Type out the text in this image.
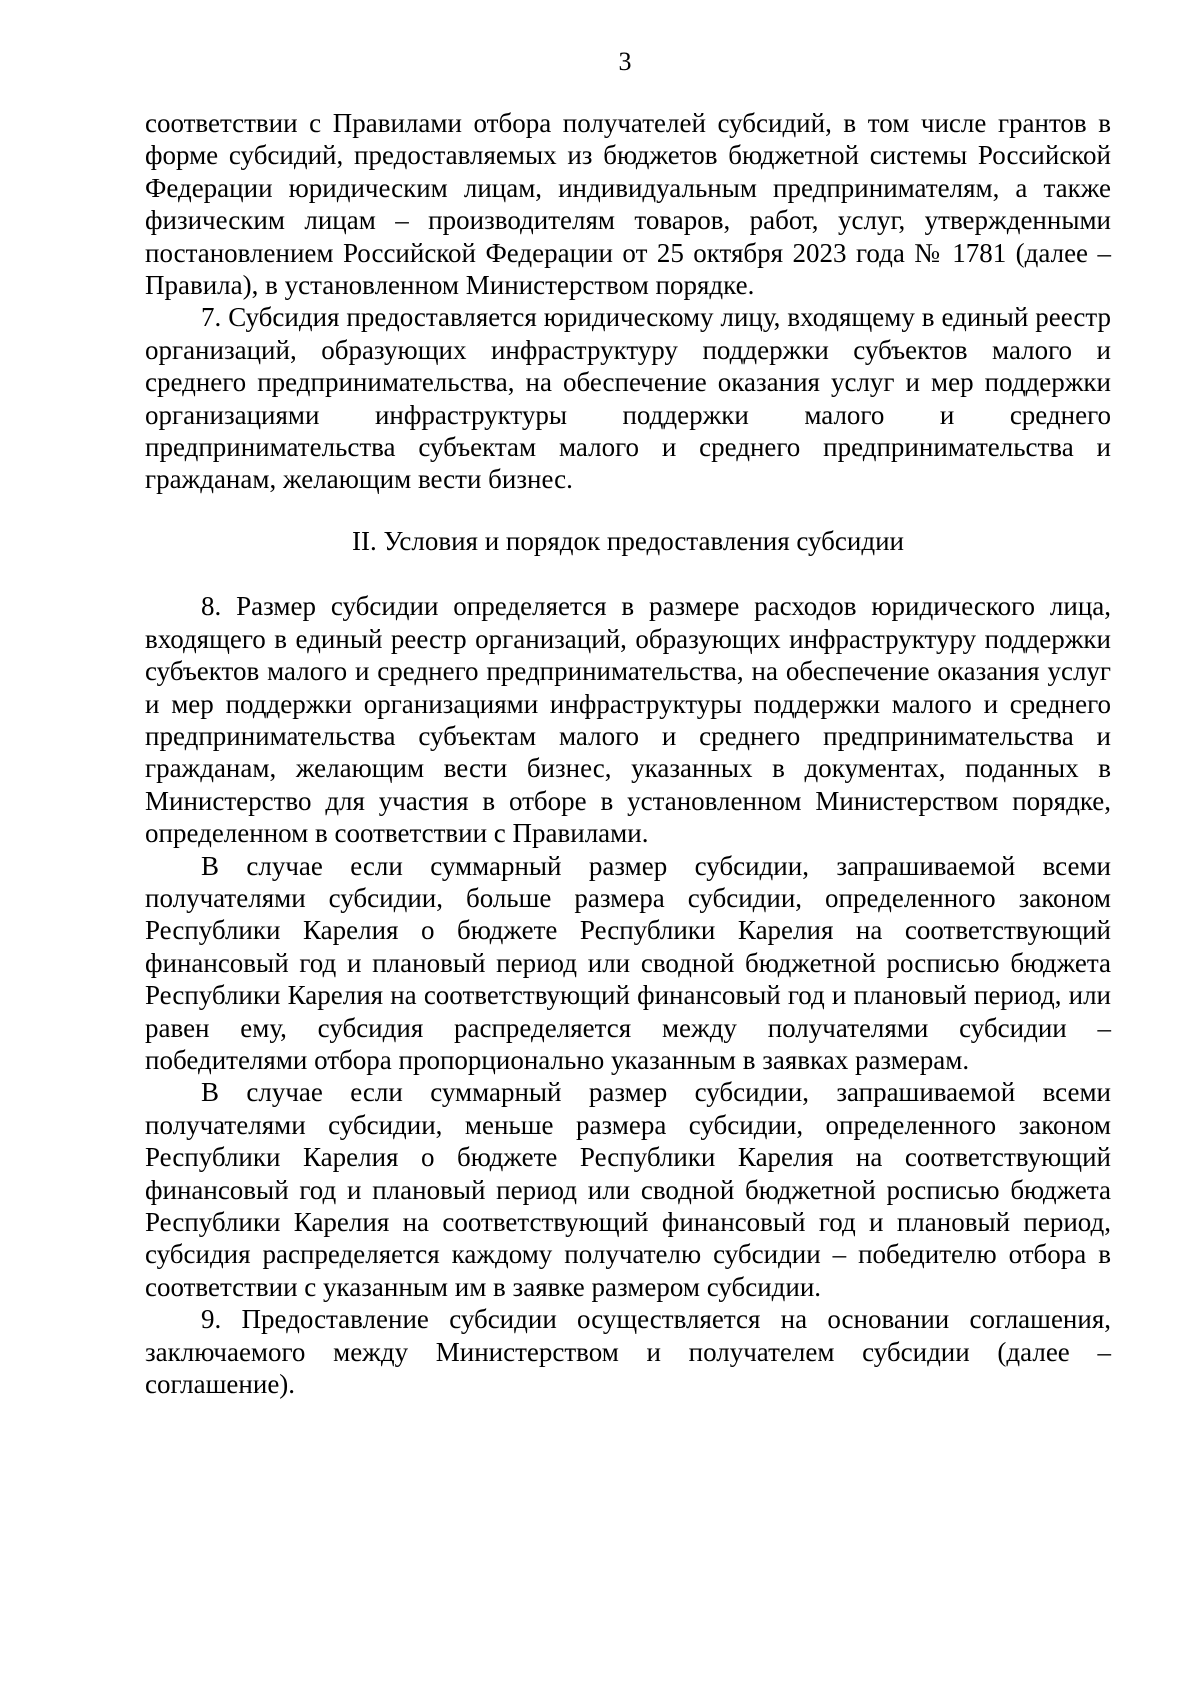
3

соответствии с Правилами отбора получателей субсидий, в том числе грантов в форме субсидий, предоставляемых из бюджетов бюджетной системы Российской Федерации юридическим лицам, индивидуальным предпринимателям, а также физическим лицам – производителям товаров, работ, услуг, утвержденными постановлением Российской Федерации от 25 октября 2023 года № 1781 (далее – Правила), в установленном Министерством порядке.

7. Субсидия предоставляется юридическому лицу, входящему в единый реестр организаций, образующих инфраструктуру поддержки субъектов малого и среднего предпринимательства, на обеспечение оказания услуг и мер поддержки организациями инфраструктуры поддержки малого и среднего предпринимательства субъектам малого и среднего предпринимательства и гражданам, желающим вести бизнес.

II. Условия и порядок предоставления субсидии

8. Размер субсидии определяется в размере расходов юридического лица, входящего в единый реестр организаций, образующих инфраструктуру поддержки субъектов малого и среднего предпринимательства, на обеспечение оказания услуг и мер поддержки организациями инфраструктуры поддержки малого и среднего предпринимательства субъектам малого и среднего предпринимательства и гражданам, желающим вести бизнес, указанных в документах, поданных в Министерство для участия в отборе в установленном Министерством порядке, определенном в соответствии с Правилами.

В случае если суммарный размер субсидии, запрашиваемой всеми получателями субсидии, больше размера субсидии, определенного законом Республики Карелия о бюджете Республики Карелия на соответствующий финансовый год и плановый период или сводной бюджетной росписью бюджета Республики Карелия на соответствующий финансовый год и плановый период, или равен ему, субсидия распределяется между получателями субсидии – победителями отбора пропорционально указанным в заявках размерам.

В случае если суммарный размер субсидии, запрашиваемой всеми получателями субсидии, меньше размера субсидии, определенного законом Республики Карелия о бюджете Республики Карелия на соответствующий финансовый год и плановый период или сводной бюджетной росписью бюджета Республики Карелия на соответствующий финансовый год и плановый период, субсидия распределяется каждому получателю субсидии – победителю отбора в соответствии с указанным им в заявке размером субсидии.

9. Предоставление субсидии осуществляется на основании соглашения, заключаемого между Министерством и получателем субсидии (далее – соглашение).
